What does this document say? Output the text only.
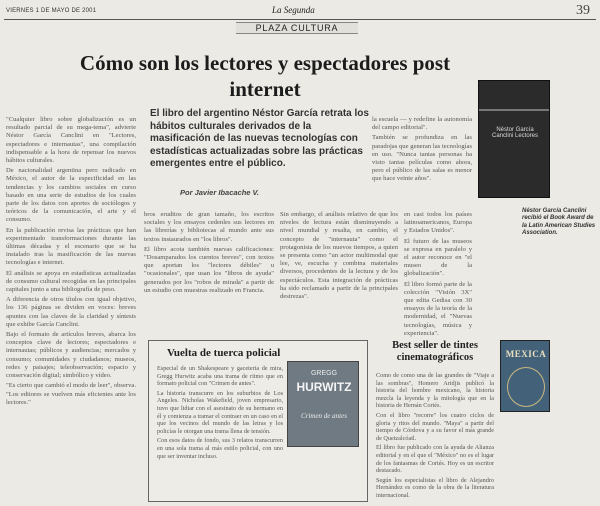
VIERNES 1 DE MAYO DE 2001	La Segunda	39
PLAZA CULTURA
Cómo son los lectores y espectadores post internet
El libro del argentino Néstor García retrata los hábitos culturales derivados de la masificación de las nuevas tecnologías con estadísticas actualizadas sobre las prácticas emergentes entre el público.
Por Javier Ibacache V.

"Cualquier libro sobre globalización es un resultado parcial de su mega-tema", advierte Néstor García Canclini en "Lectores, espectadores e internautas", una compilación indispensable a la hora de repensar los nuevos hábitos culturales.

De nacionalidad argentina pero radicado en México, el autor de la especificidad en las tendencias y los cambios sociales en curso basado en una serie de estudios de los cuales parte de los datos con aportes de sociólogos y teóricos de la comunicación, el arte y el consumo.

En la publicación revisa las prácticas que han experimentado transformaciones durante las últimas décadas y el escenario que se ha instalado tras la masificación de las nuevas tecnologías e internet.

El análisis se apoya en estadísticas actualizadas de consumo cultural recogidas en las principales capitales junto a una bibliografía de peso.

A diferencia de otros títulos con igual objetivo, los 136 páginas se dividen en voces: breves apuntes con las claves de la claridad y síntesis que exhibe García Canclini.

Bajo el formato de artículos breves, abarca los conceptos clave de lectores; espectadores e internautas; públicos y audiencias; mercados y consumo; comunidades y ciudadanos; museos, redes y paisajes; teleobservación; espacio y conservación digital; simbólico y vídeo.

"Es cierto que cambió el modo de leer", observa. "Los editores se vuelven más eficientes ante los lectores."

bros eruditos de gran tamaño, los escritos sociales y los ensayos cedenles sus lectores en las librerías y bibliotecas al mundo ante sus textos instaurados en "los libros".

El libro acota también nuevas calificaciones: "Dosamparados los cuentos breves", con textos que aportan los "lectores débiles" u "ocasionales", que usan los "libros de ayuda" generados por los "robos de mirada" a partir de un estudio con muestras realizado en Francia.

Sin embargo, el análisis relativo de que los niveles de lectura están disminuyendo a nivel mundial y resalta, en cambio, el concepto de "internauta" como el protagonista de los nuevos tiempos, a quien se presenta como "un actor multimodal que lee, ve, escucha y combina materiales diversos, procedentes de la lectura y de los espectáculos. Esta integración de prácticas ha sido reclamado a partir de la principales destrezas".

la escuela — y redefine la autonomía del campo editorial".

También se profundiza en las paradojas que generan las tecnologías en uso. "Nunca tantas personas ha visto tantas películas como ahora, pero el público de las salas es menor que hace veinte años".

en casi todos los países latinoamericanos, Europa y Estados Unidos".

El futuro de las museos se expresa en paralelo y el autor reconoce en "el museo de la globalización".

El libro formó parte de la colección "Visión 3X" que edita Gedisa con 30 ensayos de la teoría de la modernidad, el "Nuevas tecnologías, música y experiencia".

Néstor García Canclini Lectores
Néstor García Canclini recibió el Book Award de la Latin American Studies Association.
Vuelta de tuerca policial

Especial de un Shakespeare y gaceteria de mira, Gregg Hurwitz acaba una trama de ritmo que en formato policial con "Crimen de antes".

La historia transcurre en los suburbios de Los Angeles. Nicholas Wakefield, joven empresario, tuvo que lidiar con el asesinato de su hermano en él y comienza a tramar el contraer en un caso en el que los vecinos del mundo de las letras y los policías le otorgan una trama llena de tensión.

Con esos datos de fondo, sus 3 relatos transcurren en una sola trama al más estilo policial, con uno que ser inventar incluso.

GREGG
HURWITZ
Crimen de antes
Best seller de tintes cinematográficos

Como de como una de las grandes de "Viaje a las sombras", Homero Aridjis publicó la historia del hombre mexicano, la historia mezcla la leyenda y la mitología que en la historia de Hernán Cortés.

Con el libro "recorre" los cuatro ciclos de gloria y ritos del mundo. "Maya" a partir del tiempo de Córdova y a su favor el más grande de Quetzalcóatl.

El libro fue publicado con la ayuda de Alianza editorial y en el que el "México" no es el lugar de los fantasmas de Cortés. Hoy es un escritor destacado.

Según los especialistas el libro de Alejandro Hernández es como de la obra de la literatura internacional.

MEXICA
